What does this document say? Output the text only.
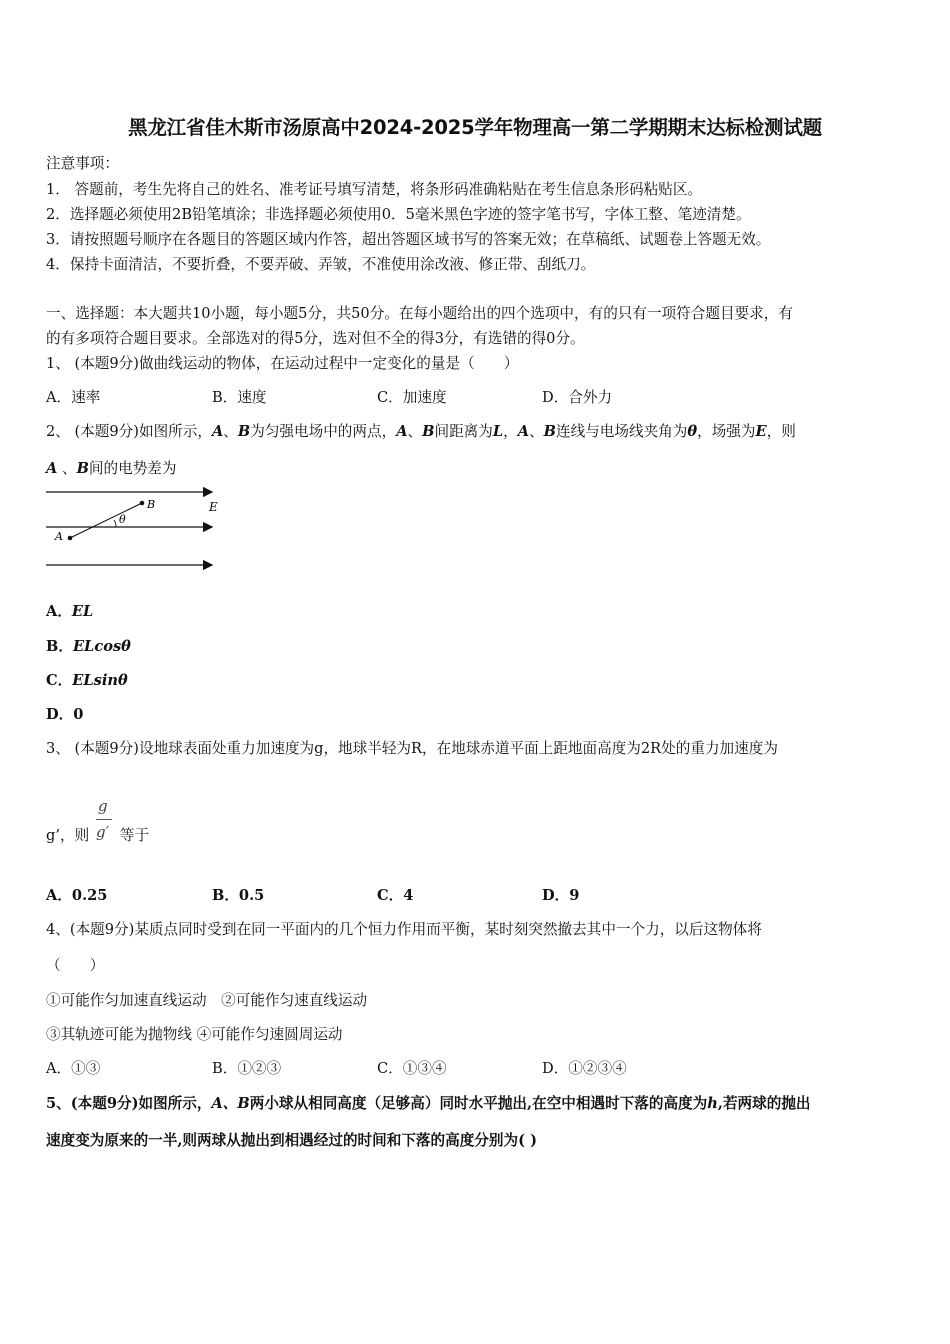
黑龙江省佳木斯市汤原高中2024-2025学年物理高一第二学期期末达标检测试题
注意事项：
1． 答题前，考生先将自己的姓名、准考证号填写清楚，将条形码准确粘贴在考生信息条形码粘贴区。
2．选择题必须使用2B铅笔填涂；非选择题必须使用0．5毫米黑色字迹的签字笔书写，字体工整、笔迹清楚。
3．请按照题号顺序在各题目的答题区域内作答，超出答题区域书写的答案无效；在草稿纸、试题卷上答题无效。
4．保持卡面清洁，不要折叠，不要弄破、弄皱，不准使用涂改液、修正带、刮纸刀。
一、选择题：本大题共10小题，每小题5分，共50分。在每小题给出的四个选项中，有的只有一项符合题目要求，有
的有多项符合题目要求。全部选对的得5分，选对但不全的得3分，有选错的得0分。
1、 (本题9分)做曲线运动的物体，在运动过程中一定变化的量是（　　）
A．速率	B．速度	C．加速度	D．合外力
2、 (本题9分)如图所示，A、B为匀强电场中的两点，A、B间距离为L，A、B连线与电场线夹角为θ，场强为E，则
A 、B间的电势差为
A
B	E
θ
A．EL
B．ELcosθ
C．ELsinθ
D．0
3、 (本题9分)设地球表面处重力加速度为g，地球半轻为R，在地球赤道平面上距地面高度为2R处的重力加速度为
g’，则
g
g′ 等于
A．0.25	B．0.5	C．4	D．9
4、(本题9分)某质点同时受到在同一平面内的几个恒力作用而平衡，某时刻突然撤去其中一个力，以后这物体将
（　　）
①可能作匀加速直线运动　②可能作匀速直线运动
③其轨迹可能为抛物线 ④可能作匀速圆周运动
A．①③	B．①②③	C．①③④	D．①②③④
5、(本题9分)如图所示，A、B两小球从相同高度（足够高）同时水平抛出,在空中相遇时下落的高度为h,若两球的抛出
速度变为原来的一半,则两球从抛出到相遇经过的时间和下落的高度分别为( )
